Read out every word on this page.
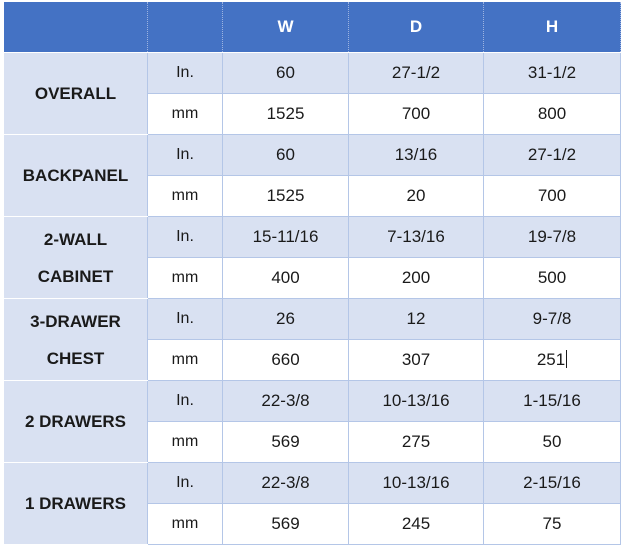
		W	D	H

OVERALL	In.	60	27-1/2	31-1/2
	mm	1525	700	800

BACKPANEL	In.	60	13/16	27-1/2
	mm	1525	20	700

2-WALL
CABINET	In.	15-11/16	7-13/16	19-7/8
	mm	400	200	500

3-DRAWER
CHEST	In.	26	12	9-7/8
	mm	660	307	251

2 DRAWERS	In.	22-3/8	10-13/16	1-15/16
	mm	569	275	50

1 DRAWERS	In.	22-3/8	10-13/16	2-15/16
	mm	569	245	75
